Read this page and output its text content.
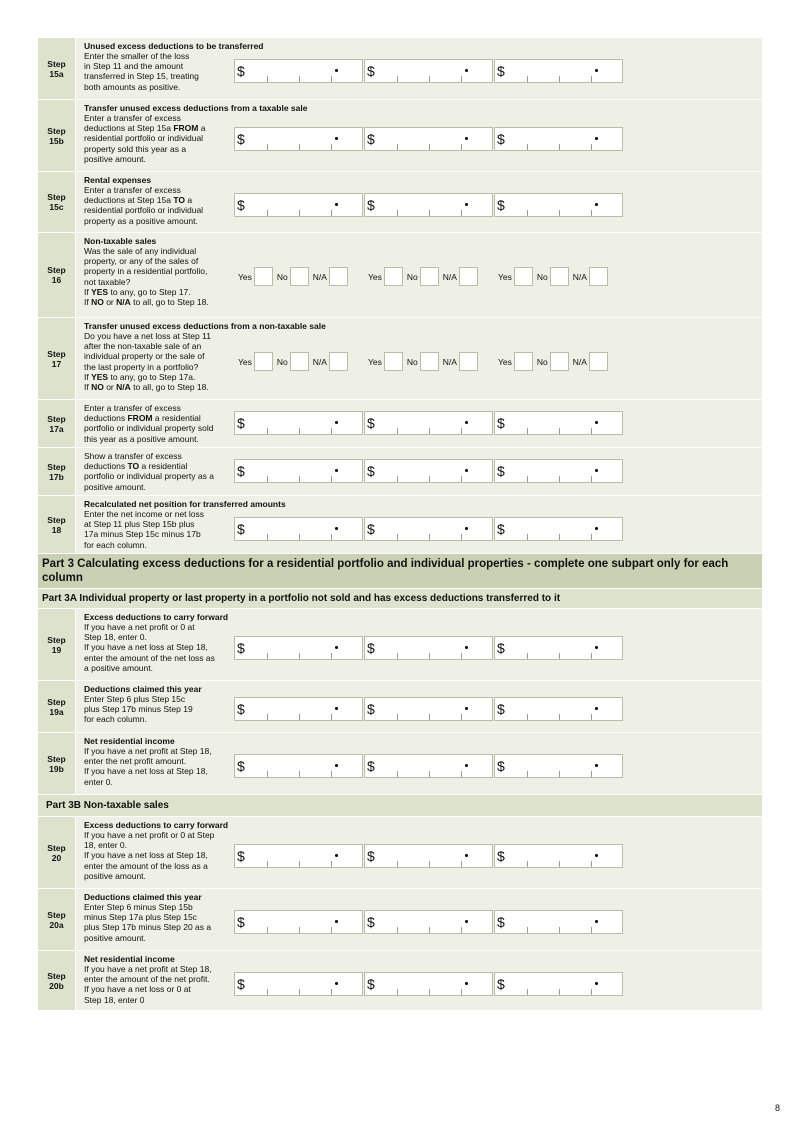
Step
15a
Unused excess deductions to be transferred
Enter the smaller of the loss
in Step 11 and the amount
transferred in Step 15, treating
both amounts as positive.
$	$	$
Step
15b
Transfer unused excess deductions from a taxable sale
Enter a transfer of excess
deductions at Step 15a FROM a
residential portfolio or individual
property sold this year as a
positive amount.
$	$	$
Step
15c
Rental expenses
Enter a transfer of excess
deductions at Step 15a TO a
residential portfolio or individual
property as a positive amount.
$	$	$
Step
16
Non-taxable sales
Was the sale of any individual
property, or any of the sales of
property in a residential portfolio,
not taxable?
If YES to any, go to Step 17.
If NO or N/A to all, go to Step 18.
Yes	No	N/A	Yes	No	N/A	Yes	No	N/A
Step
17
Transfer unused excess deductions from a non-taxable sale
Do you have a net loss at Step 11
after the non-taxable sale of an
individual property or the sale of
the last property in a portfolio?
If YES to any, go to Step 17a.
If NO or N/A to all, go to Step 18.
Yes	No	N/A	Yes	No	N/A	Yes	No	N/A
Step
17a
Enter a transfer of excess
deductions FROM a residential
portfolio or individual property sold
this year as a positive amount.
$	$	$
Step
17b
Show a transfer of excess
deductions TO a residential
portfolio or individual property as a
positive amount.
$	$	$
Step
18
Recalculated net position for transferred amounts
Enter the net income or net loss
at Step 11 plus Step 15b plus
17a minus Step 15c minus 17b
for each column.
$	$	$
Part 3 Calculating excess deductions for a residential portfolio and individual properties - complete one subpart only for each column
Part 3A Individual property or last property in a portfolio not sold and has excess deductions transferred to it
Step
19
Excess deductions to carry forward
If you have a net profit or 0 at
Step 18, enter 0.
If you have a net loss at Step 18,
enter the amount of the net loss as
a positive amount.
$	$	$
Step
19a
Deductions claimed this year
Enter Step 6 plus Step 15c
plus Step 17b minus Step 19
for each column.
$	$	$
Step
19b
Net residential income
If you have a net profit at Step 18,
enter the net profit amount.
If you have a net loss at Step 18,
enter 0.
$	$	$
Part 3B Non-taxable sales
Step
20
Excess deductions to carry forward
If you have a net profit or 0 at Step
18, enter 0.
If you have a net loss at Step 18,
enter the amount of the loss as a
positive amount.
$	$	$
Step
20a
Deductions claimed this year
Enter Step 6 minus Step 15b
minus Step 17a plus Step 15c
plus Step 17b minus Step 20 as a
positive amount.
$	$	$
Step
20b
Net residential income
If you have a net profit at Step 18,
enter the amount of the net profit.
If you have a net loss or 0 at
Step 18, enter 0
$	$	$
8
